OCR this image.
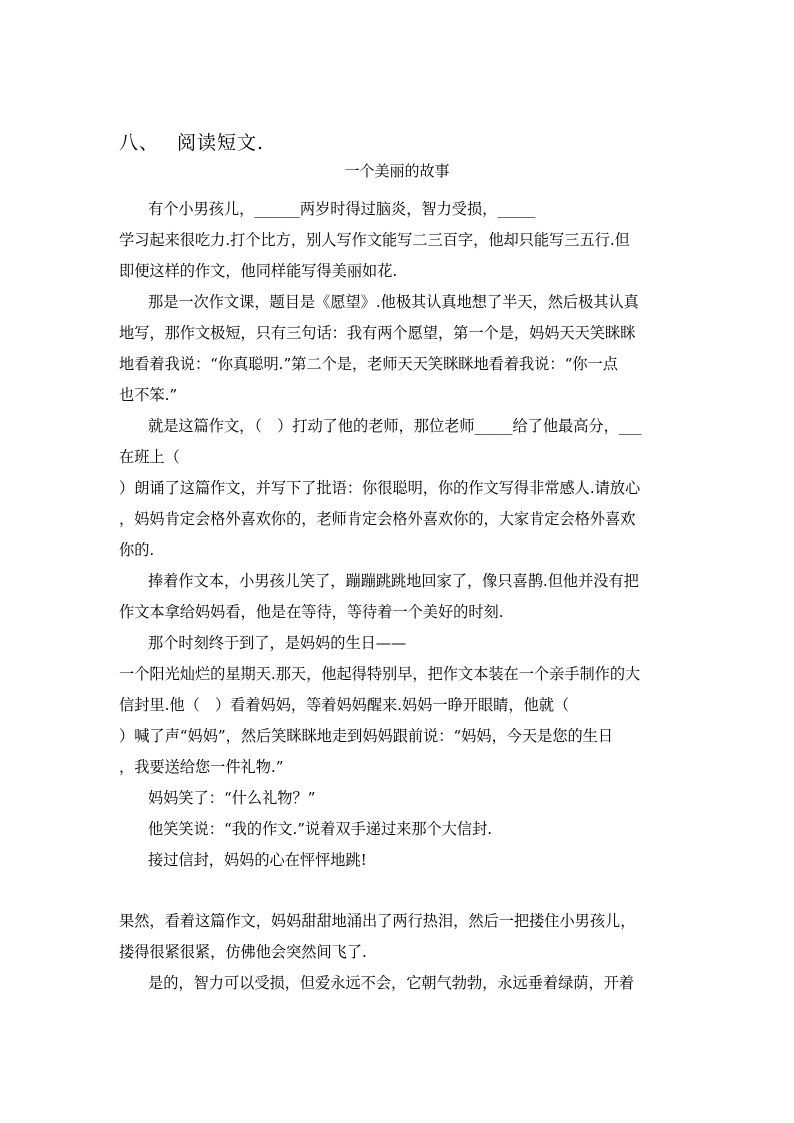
八、 阅读短文.
一个美丽的故事
有个小男孩儿，______两岁时得过脑炎，智力受损，_____
学习起来很吃力.打个比方，别人写作文能写二三百字，他却只能写三五行.但
即便这样的作文，他同样能写得美丽如花.
那是一次作文课，题目是《愿望》.他极其认真地想了半天，然后极其认真
地写，那作文极短，只有三句话：我有两个愿望，第一个是，妈妈天天笑眯眯
地看着我说：“你真聪明.”第二个是，老师天天笑眯眯地看着我说：“你一点
也不笨.”
就是这篇作文，（　）打动了他的老师，那位老师_____给了他最高分，___
在班上（
）朗诵了这篇作文，并写下了批语：你很聪明，你的作文写得非常感人.请放心
，妈妈肯定会格外喜欢你的，老师肯定会格外喜欢你的，大家肯定会格外喜欢
你的.
捧着作文本，小男孩儿笑了，蹦蹦跳跳地回家了，像只喜鹊.但他并没有把
作文本拿给妈妈看，他是在等待，等待着一个美好的时刻.
那个时刻终于到了，是妈妈的生日——
一个阳光灿烂的星期天.那天，他起得特别早，把作文本装在一个亲手制作的大
信封里.他（　）看着妈妈，等着妈妈醒来.妈妈一睁开眼睛，他就（
）喊了声“妈妈”，然后笑眯眯地走到妈妈跟前说：“妈妈，今天是您的生日
，我要送给您一件礼物.”
妈妈笑了：“什么礼物？”
他笑笑说：“我的作文.”说着双手递过来那个大信封.
接过信封，妈妈的心在怦怦地跳!
果然，看着这篇作文，妈妈甜甜地涌出了两行热泪，然后一把搂住小男孩儿，
搂得很紧很紧，仿佛他会突然间飞了.
是的，智力可以受损，但爱永远不会，它朝气勃勃，永远垂着绿荫，开着
